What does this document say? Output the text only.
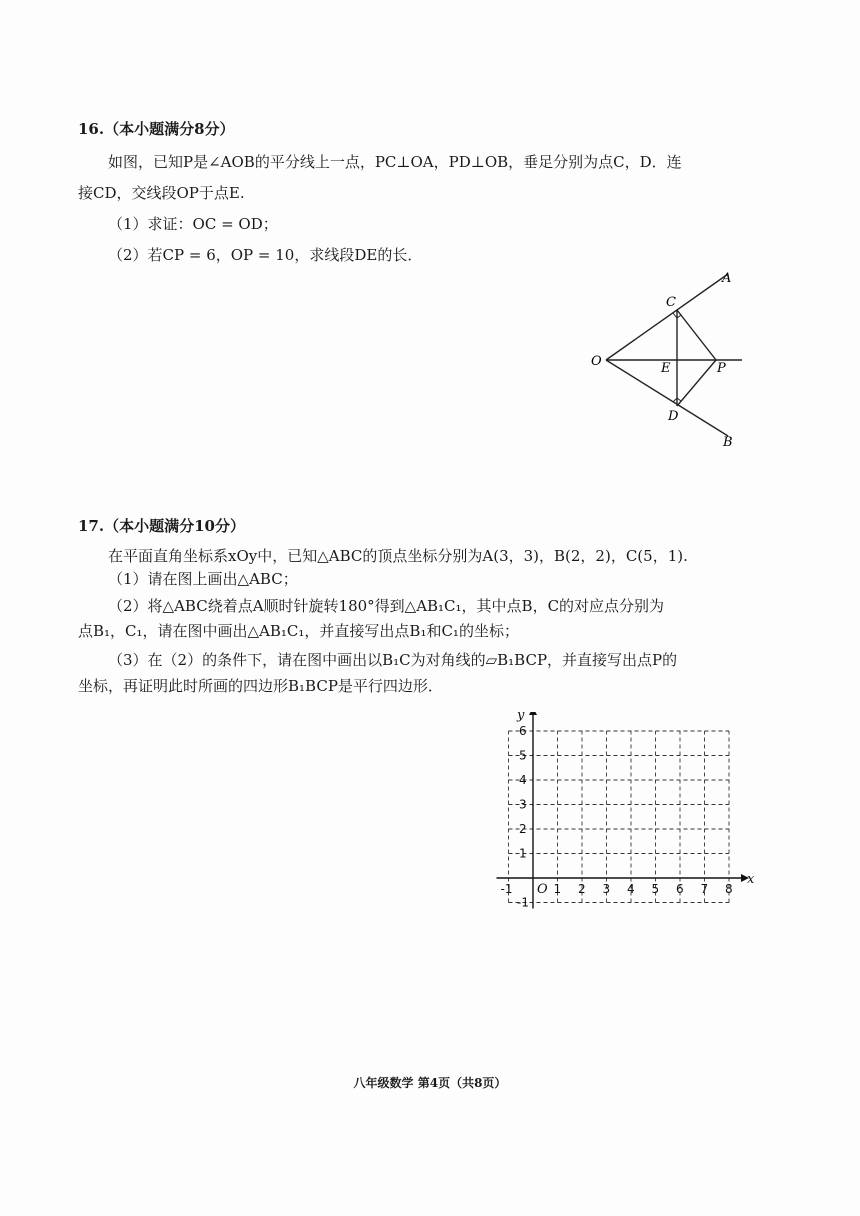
16.（本小题满分8分）
如图，已知P是∠AOB的平分线上一点，PC⊥OA，PD⊥OB，垂足分别为点C，D．连
接CD，交线段OP于点E.
（1）求证：OC = OD；
（2）若CP = 6，OP = 10，求线段DE的长．
A
B
C
D
E
O	P
17.（本小题满分10分）
在平面直角坐标系xOy中，已知△ABC的顶点坐标分别为A(3，3)，B(2，2)，C(5，1).
（1）请在图上画出△ABC；
（2）将△ABC绕着点A顺时针旋转180°得到△AB₁C₁，其中点B，C的对应点分别为
点B₁，C₁，请在图中画出△AB₁C₁，并直接写出点B₁和C₁的坐标；
（3）在（2）的条件下，请在图中画出以B₁C为对角线的▱B₁BCP，并直接写出点P的
坐标，再证明此时所画的四边形B₁BCP是平行四边形．
-1	1 2 3 4 5 6 7 8
-1
1
2
3
4
5
6
O
x
y
八年级数学 第4页（共8页）
